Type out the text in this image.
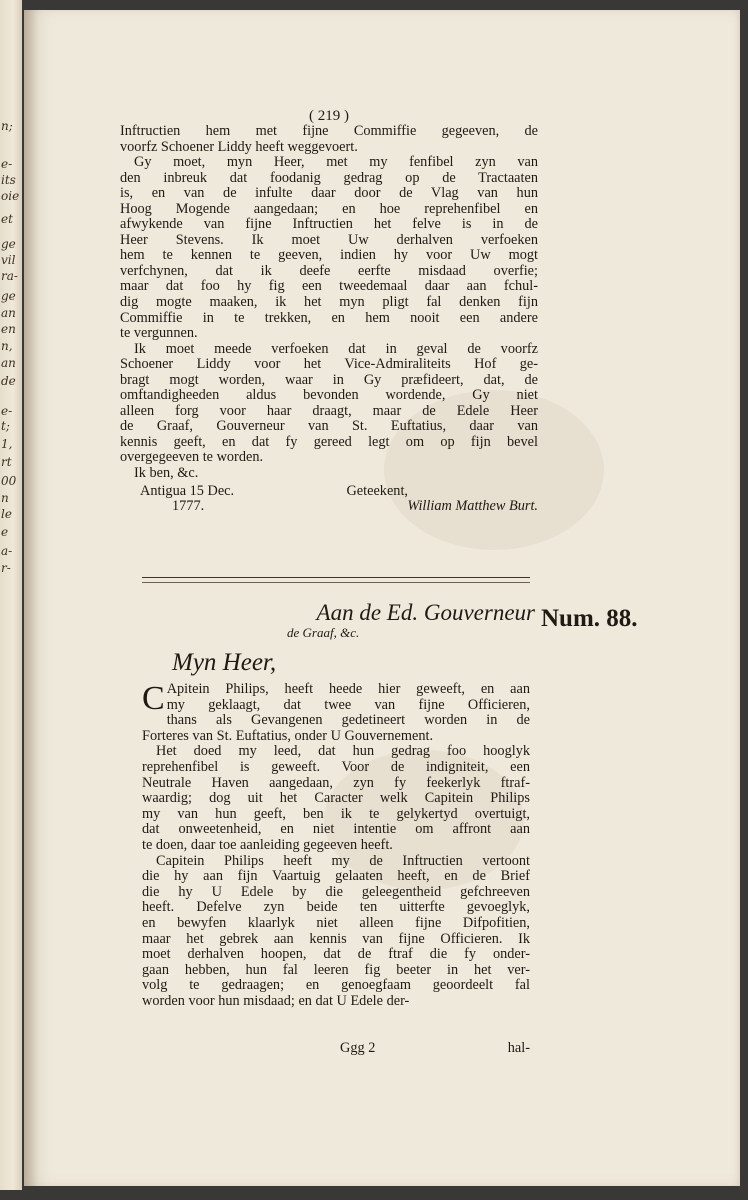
n;
e-
its
oie
et
ge
vil
ra-
ge
an
en
n,
an
de
e-
t;
1,
rt
00
n
le
e
a-
r-
( 219 )
Inftructien hem met fijne Commiffie gegeeven, de
voorfz Schoener Liddy heeft weggevoert.
Gy moet, myn Heer, met my fenfibel zyn van
den inbreuk dat foodanig gedrag op de Tractaaten
is, en van de infulte daar door de Vlag van hun
Hoog Mogende aangedaan; en hoe reprehenfibel en
afwykende van fijne Inftructien het felve is in de
Heer Stevens. Ik moet Uw derhalven verfoeken
hem te kennen te geeven, indien hy voor Uw mogt
verfchynen, dat ik deefe eerfte misdaad overfie;
maar dat foo hy fig een tweedemaal daar aan fchul-
dig mogte maaken, ik het myn pligt fal denken fijn
Commiffie in te trekken, en hem nooit een andere
te vergunnen.
Ik moet meede verfoeken dat in geval de voorfz
Schoener Liddy voor het Vice-Admiraliteits Hof ge-
bragt mogt worden, waar in Gy præfideert, dat, de
omftandigheeden aldus bevonden wordende, Gy niet
alleen forg voor haar draagt, maar de Edele Heer
de Graaf, Gouverneur van St. Euftatius, daar van
kennis geeft, en dat fy gereed legt om op fijn bevel
overgegeeven te worden.
Ik ben, &c.
Antigua 15 Dec.	Geteekent,
1777.	William Matthew Burt.
Aan de Ed. Gouverneur
de Graaf, &c.
Num. 88.
Myn Heer,
C Apitein Philips, heeft heede hier geweeft, en aan
my geklaagt, dat twee van fijne Officieren,
thans als Gevangenen gedetineert worden in de
Forteres van St. Euftatius, onder U Gouvernement.
Het doed my leed, dat hun gedrag foo hooglyk
reprehenfibel is geweeft. Voor de indigniteit, een
Neutrale Haven aangedaan, zyn fy feekerlyk ftraf-
waardig; dog uit het Caracter welk Capitein Philips
my van hun geeft, ben ik te gelykertyd overtuigt,
dat onweetenheid, en niet intentie om affront aan
te doen, daar toe aanleiding gegeeven heeft.
Capitein Philips heeft my de Inftructien vertoont
die hy aan fijn Vaartuig gelaaten heeft, en de Brief
die hy U Edele by die geleegentheid gefchreeven
heeft. Defelve zyn beide ten uitterfte gevoeglyk,
en bewyfen klaarlyk niet alleen fijne Difpofitien,
maar het gebrek aan kennis van fijne Officieren. Ik
moet derhalven hoopen, dat de ftraf die fy onder-
gaan hebben, hun fal leeren fig beeter in het ver-
volg te gedraagen; en genoegfaam geoordeelt fal
worden voor hun misdaad; en dat U Edele der-
Ggg 2	hal-
